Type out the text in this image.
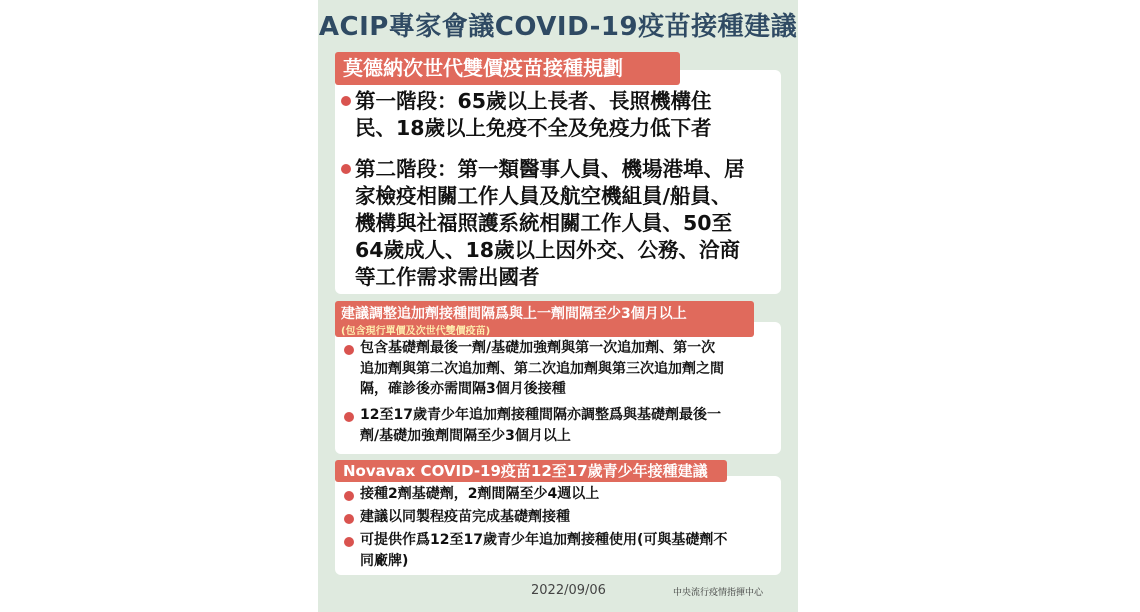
ACIP專家會議COVID-19疫苗接種建議
莫德納次世代雙價疫苗接種規劃
第一階段：65歲以上長者、長照機構住
民、18歲以上免疫不全及免疫力低下者
第二階段：第一類醫事人員、機場港埠、居
家檢疫相關工作人員及航空機組員/船員、
機構與社福照護系統相關工作人員、50至
64歲成人、18歲以上因外交、公務、洽商
等工作需求需出國者
建議調整追加劑接種間隔爲與上一劑間隔至少3個月以上
(包含現行單價及次世代雙價疫苗)
包含基礎劑最後一劑/基礎加強劑與第一次追加劑、第一次
追加劑與第二次追加劑、第二次追加劑與第三次追加劑之間
隔，確診後亦需間隔3個月後接種
12至17歲青少年追加劑接種間隔亦調整爲與基礎劑最後一
劑/基礎加強劑間隔至少3個月以上
Novavax COVID-19疫苗12至17歲青少年接種建議
接種2劑基礎劑，2劑間隔至少4週以上
建議以同製程疫苗完成基礎劑接種
可提供作爲12至17歲青少年追加劑接種使用(可與基礎劑不
同廠牌)
2022/09/06	中央流行疫情指揮中心
